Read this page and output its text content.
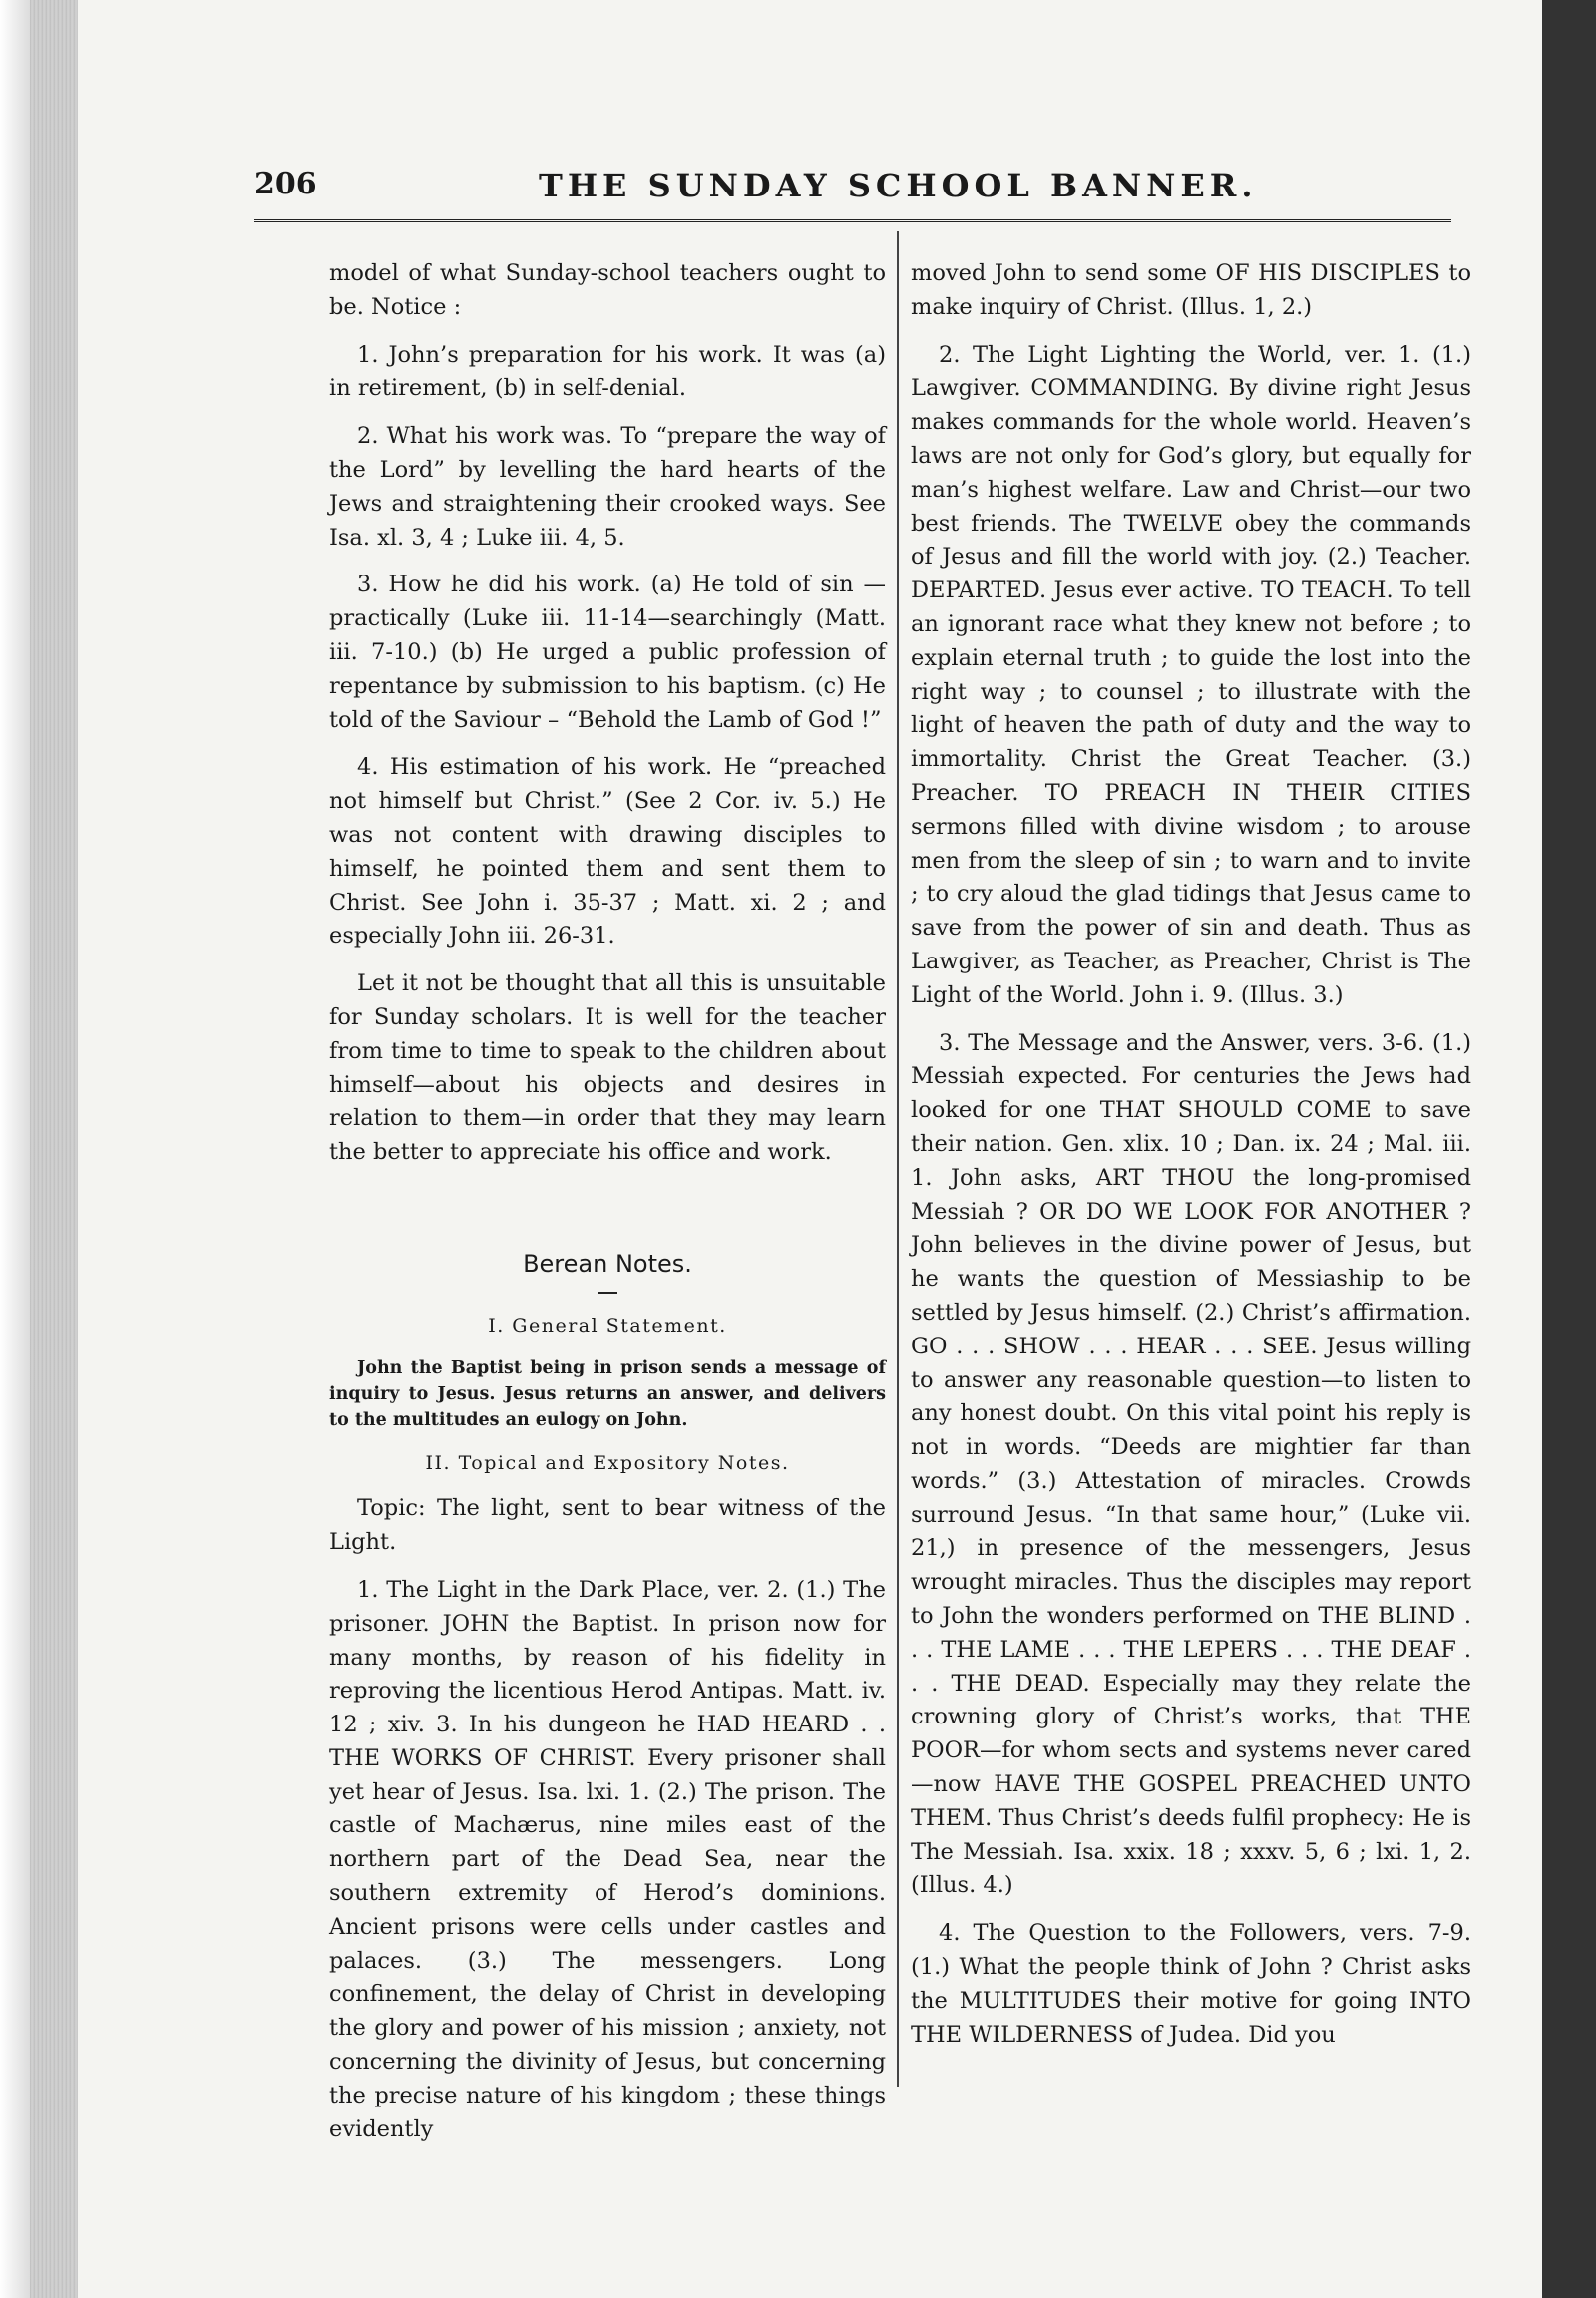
206	THE SUNDAY SCHOOL BANNER.

model of what Sunday-school teachers ought to be. Notice :

1. John’s preparation for his work. It was (a) in retirement, (b) in self-denial.

2. What his work was. To “prepare the way of the Lord” by levelling the hard hearts of the Jews and straightening their crooked ways. See Isa. xl. 3, 4 ; Luke iii. 4, 5.

3. How he did his work. (a) He told of sin —practically (Luke iii. 11-14—searchingly (Matt. iii. 7-10.) (b) He urged a public profession of repentance by submission to his baptism. (c) He told of the Saviour – “Behold the Lamb of God !”

4. His estimation of his work. He “preached not himself but Christ.” (See 2 Cor. iv. 5.) He was not content with drawing disciples to himself, he pointed them and sent them to Christ. See John i. 35-37 ; Matt. xi. 2 ; and especially John iii. 26-31.

Let it not be thought that all this is unsuitable for Sunday scholars. It is well for the teacher from time to time to speak to the children about himself—about his objects and desires in relation to them—in order that they may learn the better to appreciate his office and work.

Berean Notes.
I. General Statement.

John the Baptist being in prison sends a message of inquiry to Jesus. Jesus returns an answer, and delivers to the multitudes an eulogy on John.

II. Topical and Expository Notes.

Topic: The light, sent to bear witness of the Light.

1. The Light in the Dark Place, ver. 2. (1.) The prisoner. JOHN the Baptist. In prison now for many months, by reason of his fidelity in reproving the licentious Herod Antipas. Matt. iv. 12 ; xiv. 3. In his dungeon he HAD HEARD . . THE WORKS OF CHRIST. Every prisoner shall yet hear of Jesus. Isa. lxi. 1. (2.) The prison. The castle of Machærus, nine miles east of the northern part of the Dead Sea, near the southern extremity of Herod’s dominions. Ancient prisons were cells under castles and palaces. (3.) The messengers. Long confinement, the delay of Christ in developing the glory and power of his mission ; anxiety, not concerning the divinity of Jesus, but concerning the precise nature of his kingdom ; these things evidently

moved John to send some OF HIS DISCIPLES to make inquiry of Christ. (Illus. 1, 2.)

2. The Light Lighting the World, ver. 1. (1.) Lawgiver. COMMANDING. By divine right Jesus makes commands for the whole world. Heaven’s laws are not only for God’s glory, but equally for man’s highest welfare. Law and Christ—our two best friends. The TWELVE obey the commands of Jesus and fill the world with joy. (2.) Teacher. DEPARTED. Jesus ever active. TO TEACH. To tell an ignorant race what they knew not before ; to explain eternal truth ; to guide the lost into the right way ; to counsel ; to illustrate with the light of heaven the path of duty and the way to immortality. Christ the Great Teacher. (3.) Preacher. TO PREACH IN THEIR CITIES sermons filled with divine wisdom ; to arouse men from the sleep of sin ; to warn and to invite ; to cry aloud the glad tidings that Jesus came to save from the power of sin and death. Thus as Lawgiver, as Teacher, as Preacher, Christ is The Light of the World. John i. 9. (Illus. 3.)

3. The Message and the Answer, vers. 3-6. (1.) Messiah expected. For centuries the Jews had looked for one THAT SHOULD COME to save their nation. Gen. xlix. 10 ; Dan. ix. 24 ; Mal. iii. 1. John asks, ART THOU the long-promised Messiah ? OR DO WE LOOK FOR ANOTHER ? John believes in the divine power of Jesus, but he wants the question of Messiaship to be settled by Jesus himself. (2.) Christ’s affirmation. GO . . . SHOW . . . HEAR . . . SEE. Jesus willing to answer any reasonable question—to listen to any honest doubt. On this vital point his reply is not in words. “Deeds are mightier far than words.” (3.) Attestation of miracles. Crowds surround Jesus. “In that same hour,” (Luke vii. 21,) in presence of the messengers, Jesus wrought miracles. Thus the disciples may report to John the wonders performed on THE BLIND . . . THE LAME . . . THE LEPERS . . . THE DEAF . . . THE DEAD. Especially may they relate the crowning glory of Christ’s works, that THE POOR—for whom sects and systems never cared —now HAVE THE GOSPEL PREACHED UNTO THEM. Thus Christ’s deeds fulfil prophecy: He is The Messiah. Isa. xxix. 18 ; xxxv. 5, 6 ; lxi. 1, 2. (Illus. 4.)

4. The Question to the Followers, vers. 7-9. (1.) What the people think of John ? Christ asks the MULTITUDES their motive for going INTO THE WILDERNESS of Judea. Did you
